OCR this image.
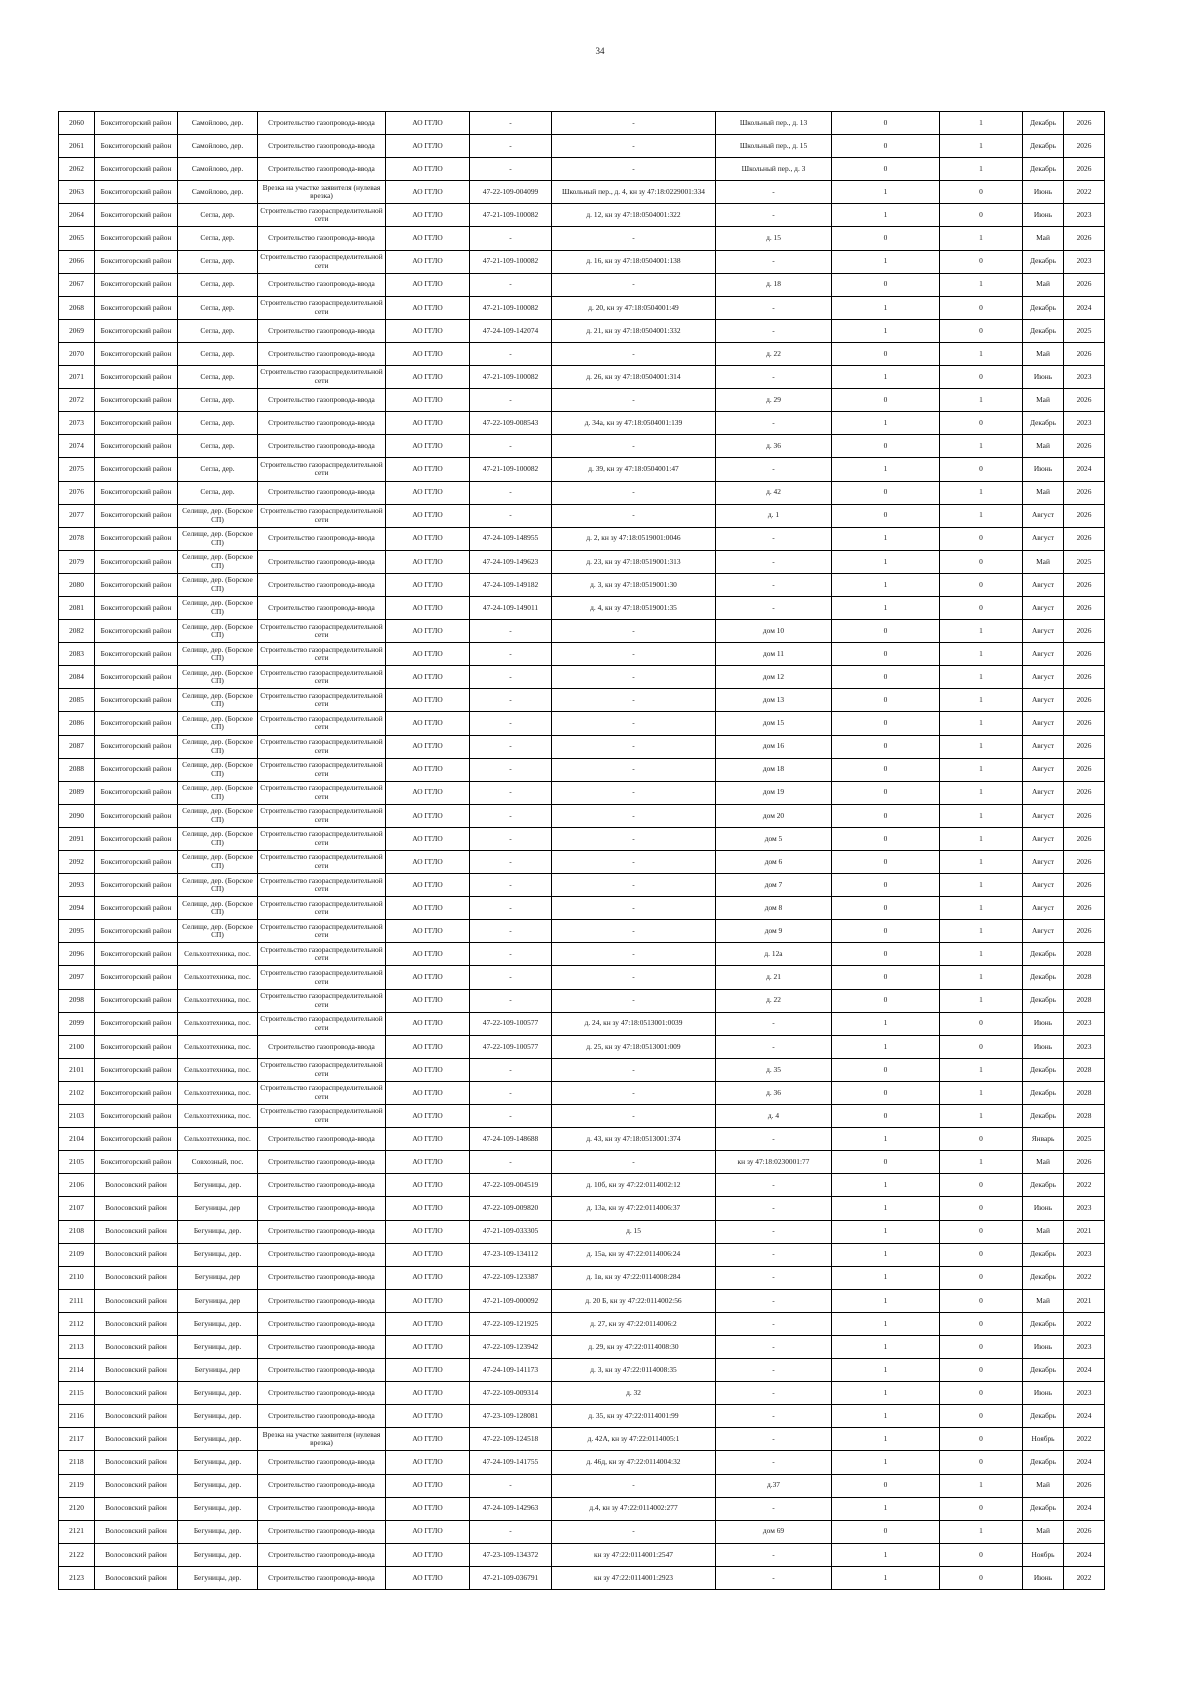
34
2060	Бокситогорский район	Самойлово, дер.	Строительство газопровода-ввода	АО ГГЛО	-	-	Школьный пер., д. 13	0	1	Декабрь	2026
2061	Бокситогорский район	Самойлово, дер.	Строительство газопровода-ввода	АО ГГЛО	-	-	Школьный пер., д. 15	0	1	Декабрь	2026
2062	Бокситогорский район	Самойлово, дер.	Строительство газопровода-ввода	АО ГГЛО	-	-	Школьный пер., д. 3	0	1	Декабрь	2026
2063	Бокситогорский район	Самойлово, дер.	Врезка на участке заявителя (нулевая врезка)	АО ГГЛО	47-22-109-004099	Школьный пер., д. 4, кн зу 47:18:0229001:334	-	1	0	Июнь	2022
2064	Бокситогорский район	Сегла, дер.	Строительство газораспределительной сети	АО ГГЛО	47-21-109-100082	д. 12, кн зу 47:18:0504001:322	-	1	0	Июнь	2023
2065	Бокситогорский район	Сегла, дер.	Строительство газопровода-ввода	АО ГГЛО	-	-	д. 15	0	1	Май	2026
2066	Бокситогорский район	Сегла, дер.	Строительство газораспределительной сети	АО ГГЛО	47-21-109-100082	д. 16, кн зу 47:18:0504001:138	-	1	0	Декабрь	2023
2067	Бокситогорский район	Сегла, дер.	Строительство газопровода-ввода	АО ГГЛО	-	-	д. 18	0	1	Май	2026
2068	Бокситогорский район	Сегла, дер.	Строительство газораспределительной сети	АО ГГЛО	47-21-109-100082	д. 20, кн зу 47:18:0504001:49	-	1	0	Декабрь	2024
2069	Бокситогорский район	Сегла, дер.	Строительство газопровода-ввода	АО ГГЛО	47-24-109-142074	д. 21, кн зу 47:18:0504001:332	-	1	0	Декабрь	2025
2070	Бокситогорский район	Сегла, дер.	Строительство газопровода-ввода	АО ГГЛО	-	-	д. 22	0	1	Май	2026
2071	Бокситогорский район	Сегла, дер.	Строительство газораспределительной сети	АО ГГЛО	47-21-109-100082	д. 26, кн зу 47:18:0504001:314	-	1	0	Июнь	2023
2072	Бокситогорский район	Сегла, дер.	Строительство газопровода-ввода	АО ГГЛО	-	-	д. 29	0	1	Май	2026
2073	Бокситогорский район	Сегла, дер.	Строительство газопровода-ввода	АО ГГЛО	47-22-109-008543	д. 34а, кн зу 47:18:0504001:139	-	1	0	Декабрь	2023
2074	Бокситогорский район	Сегла, дер.	Строительство газопровода-ввода	АО ГГЛО	-	-	д. 36	0	1	Май	2026
2075	Бокситогорский район	Сегла, дер.	Строительство газораспределительной сети	АО ГГЛО	47-21-109-100082	д. 39, кн зу 47:18:0504001:47	-	1	0	Июнь	2024
2076	Бокситогорский район	Сегла, дер.	Строительство газопровода-ввода	АО ГГЛО	-	-	д. 42	0	1	Май	2026
2077	Бокситогорский район	Селище, дер. (Борское СП)	Строительство газораспределительной сети	АО ГГЛО	-	-	д. 1	0	1	Август	2026
2078	Бокситогорский район	Селище, дер. (Борское СП)	Строительство газопровода-ввода	АО ГГЛО	47-24-109-148955	д. 2, кн зу 47:18:0519001:0046	-	1	0	Август	2026
2079	Бокситогорский район	Селище, дер. (Борское СП)	Строительство газопровода-ввода	АО ГГЛО	47-24-109-149623	д. 23, кн зу 47:18:0519001:313	-	1	0	Май	2025
2080	Бокситогорский район	Селище, дер. (Борское СП)	Строительство газопровода-ввода	АО ГГЛО	47-24-109-149182	д. 3, кн зу 47:18:0519001:30	-	1	0	Август	2026
2081	Бокситогорский район	Селище, дер. (Борское СП)	Строительство газопровода-ввода	АО ГГЛО	47-24-109-149011	д. 4, кн зу 47:18:0519001:35	-	1	0	Август	2026
2082	Бокситогорский район	Селище, дер. (Борское СП)	Строительство газораспределительной сети	АО ГГЛО	-	-	дом 10	0	1	Август	2026
2083	Бокситогорский район	Селище, дер. (Борское СП)	Строительство газораспределительной сети	АО ГГЛО	-	-	дом 11	0	1	Август	2026
2084	Бокситогорский район	Селище, дер. (Борское СП)	Строительство газораспределительной сети	АО ГГЛО	-	-	дом 12	0	1	Август	2026
2085	Бокситогорский район	Селище, дер. (Борское СП)	Строительство газораспределительной сети	АО ГГЛО	-	-	дом 13	0	1	Август	2026
2086	Бокситогорский район	Селище, дер. (Борское СП)	Строительство газораспределительной сети	АО ГГЛО	-	-	дом 15	0	1	Август	2026
2087	Бокситогорский район	Селище, дер. (Борское СП)	Строительство газораспределительной сети	АО ГГЛО	-	-	дом 16	0	1	Август	2026
2088	Бокситогорский район	Селище, дер. (Борское СП)	Строительство газораспределительной сети	АО ГГЛО	-	-	дом 18	0	1	Август	2026
2089	Бокситогорский район	Селище, дер. (Борское СП)	Строительство газораспределительной сети	АО ГГЛО	-	-	дом 19	0	1	Август	2026
2090	Бокситогорский район	Селище, дер. (Борское СП)	Строительство газораспределительной сети	АО ГГЛО	-	-	дом 20	0	1	Август	2026
2091	Бокситогорский район	Селище, дер. (Борское СП)	Строительство газораспределительной сети	АО ГГЛО	-	-	дом 5	0	1	Август	2026
2092	Бокситогорский район	Селище, дер. (Борское СП)	Строительство газораспределительной сети	АО ГГЛО	-	-	дом 6	0	1	Август	2026
2093	Бокситогорский район	Селище, дер. (Борское СП)	Строительство газораспределительной сети	АО ГГЛО	-	-	дом 7	0	1	Август	2026
2094	Бокситогорский район	Селище, дер. (Борское СП)	Строительство газораспределительной сети	АО ГГЛО	-	-	дом 8	0	1	Август	2026
2095	Бокситогорский район	Селище, дер. (Борское СП)	Строительство газораспределительной сети	АО ГГЛО	-	-	дом 9	0	1	Август	2026
2096	Бокситогорский район	Сельхозтехника, пос.	Строительство газораспределительной сети	АО ГГЛО	-	-	д. 12а	0	1	Декабрь	2028
2097	Бокситогорский район	Сельхозтехника, пос.	Строительство газораспределительной сети	АО ГГЛО	-	-	д. 21	0	1	Декабрь	2028
2098	Бокситогорский район	Сельхозтехника, пос.	Строительство газораспределительной сети	АО ГГЛО	-	-	д. 22	0	1	Декабрь	2028
2099	Бокситогорский район	Сельхозтехника, пос.	Строительство газораспределительной сети	АО ГГЛО	47-22-109-100577	д. 24, кн зу 47:18:0513001:0039	-	1	0	Июнь	2023
2100	Бокситогорский район	Сельхозтехника, пос.	Строительство газопровода-ввода	АО ГГЛО	47-22-109-100577	д. 25, кн зу 47:18:0513001:009	-	1	0	Июнь	2023
2101	Бокситогорский район	Сельхозтехника, пос.	Строительство газораспределительной сети	АО ГГЛО	-	-	д. 35	0	1	Декабрь	2028
2102	Бокситогорский район	Сельхозтехника, пос.	Строительство газораспределительной сети	АО ГГЛО	-	-	д. 36	0	1	Декабрь	2028
2103	Бокситогорский район	Сельхозтехника, пос.	Строительство газораспределительной сети	АО ГГЛО	-	-	д. 4	0	1	Декабрь	2028
2104	Бокситогорский район	Сельхозтехника, пос.	Строительство газопровода-ввода	АО ГГЛО	47-24-109-148688	д. 43, кн зу 47:18:0513001:374	-	1	0	Январь	2025
2105	Бокситогорский район	Совхозный, пос.	Строительство газопровода-ввода	АО ГГЛО	-	-	кн зу 47:18:0230001:77	0	1	Май	2026
2106	Волосовский район	Бегуницы, дер.	Строительство газопровода-ввода	АО ГГЛО	47-22-109-004519	д. 10б, кн зу 47:22:0114002:12	-	1	0	Декабрь	2022
2107	Волосовский район	Бегуницы, дер	Строительство газопровода-ввода	АО ГГЛО	47-22-109-009820	д. 13а, кн зу 47:22:0114006:37	-	1	0	Июнь	2023
2108	Волосовский район	Бегуницы, дер.	Строительство газопровода-ввода	АО ГГЛО	47-21-109-033305	д. 15	-	1	0	Май	2021
2109	Волосовский район	Бегуницы, дер.	Строительство газопровода-ввода	АО ГГЛО	47-23-109-134112	д. 15а, кн зу 47:22:0114006:24	-	1	0	Декабрь	2023
2110	Волосовский район	Бегуницы, дер	Строительство газопровода-ввода	АО ГГЛО	47-22-109-123387	д. 1в, кн зу 47:22:0114008:284	-	1	0	Декабрь	2022
2111	Волосовский район	Бегуницы, дер	Строительство газопровода-ввода	АО ГГЛО	47-21-109-000092	д. 20 Б, кн зу 47:22:0114002:56	-	1	0	Май	2021
2112	Волосовский район	Бегуницы, дер.	Строительство газопровода-ввода	АО ГГЛО	47-22-109-121925	д. 27, кн зу 47:22:0114006:2	-	1	0	Декабрь	2022
2113	Волосовский район	Бегуницы, дер.	Строительство газопровода-ввода	АО ГГЛО	47-22-109-123942	д. 29, кн зу 47:22:0114008:30	-	1	0	Июнь	2023
2114	Волосовский район	Бегуницы, дер	Строительство газопровода-ввода	АО ГГЛО	47-24-109-141173	д. 3, кн зу 47:22:0114008:35	-	1	0	Декабрь	2024
2115	Волосовский район	Бегуницы, дер.	Строительство газопровода-ввода	АО ГГЛО	47-22-109-009314	д. 32	-	1	0	Июнь	2023
2116	Волосовский район	Бегуницы, дер.	Строительство газопровода-ввода	АО ГГЛО	47-23-109-128081	д. 35, кн зу 47:22:0114001:99	-	1	0	Декабрь	2024
2117	Волосовский район	Бегуницы, дер.	Врезка на участке заявителя (нулевая врезка)	АО ГГЛО	47-22-109-124518	д. 42А, кн зу 47:22:0114005:1	-	1	0	Ноябрь	2022
2118	Волосовский район	Бегуницы, дер.	Строительство газопровода-ввода	АО ГГЛО	47-24-109-141755	д. 46д, кн зу 47:22:0114004:32	-	1	0	Декабрь	2024
2119	Волосовский район	Бегуницы, дер.	Строительство газопровода-ввода	АО ГГЛО	-	-	д.37	0	1	Май	2026
2120	Волосовский район	Бегуницы, дер.	Строительство газопровода-ввода	АО ГГЛО	47-24-109-142963	д.4, кн зу 47:22:0114002:277	-	1	0	Декабрь	2024
2121	Волосовский район	Бегуницы, дер.	Строительство газопровода-ввода	АО ГГЛО	-	-	дом 69	0	1	Май	2026
2122	Волосовский район	Бегуницы, дер.	Строительство газопровода-ввода	АО ГГЛО	47-23-109-134372	кн зу 47:22:0114001:2547	-	1	0	Ноябрь	2024
2123	Волосовский район	Бегуницы, дер.	Строительство газопровода-ввода	АО ГГЛО	47-21-109-036791	кн зу 47:22:0114001:2923	-	1	0	Июнь	2022
